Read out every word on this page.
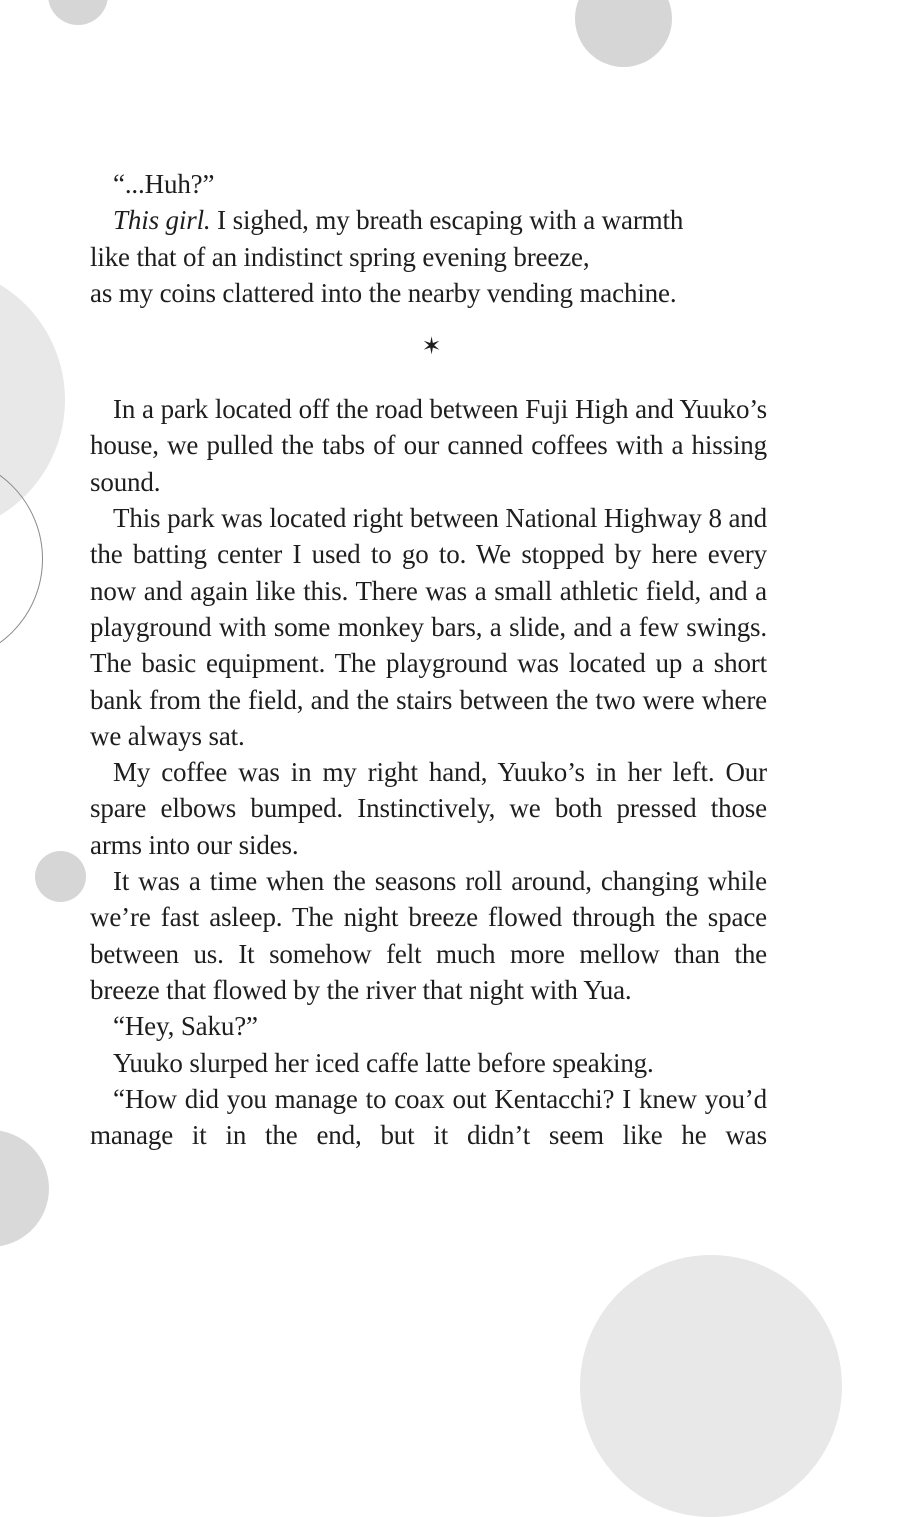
“...Huh?”

This girl. I sighed, my breath escaping with a warmth
like that of an indistinct spring evening breeze,
as my coins clattered into the nearby vending machine.

✶

In a park located off the road between Fuji High and Yuuko’s house, we pulled the tabs of our canned coffees with a hissing sound.

This park was located right between National Highway 8 and the batting center I used to go to. We stopped by here every now and again like this. There was a small athletic field, and a playground with some monkey bars, a slide, and a few swings. The basic equipment. The playground was located up a short bank from the field, and the stairs between the two were where we always sat.

My coffee was in my right hand, Yuuko’s in her left. Our spare elbows bumped. Instinctively, we both pressed those arms into our sides.

It was a time when the seasons roll around, changing while we’re fast asleep. The night breeze flowed through the space between us. It somehow felt much more mellow than the breeze that flowed by the river that night with Yua.

“Hey, Saku?”

Yuuko slurped her iced caffe latte before speaking.

“How did you manage to coax out Kentacchi? I knew you’d manage it in the end, but it didn’t seem like he was
